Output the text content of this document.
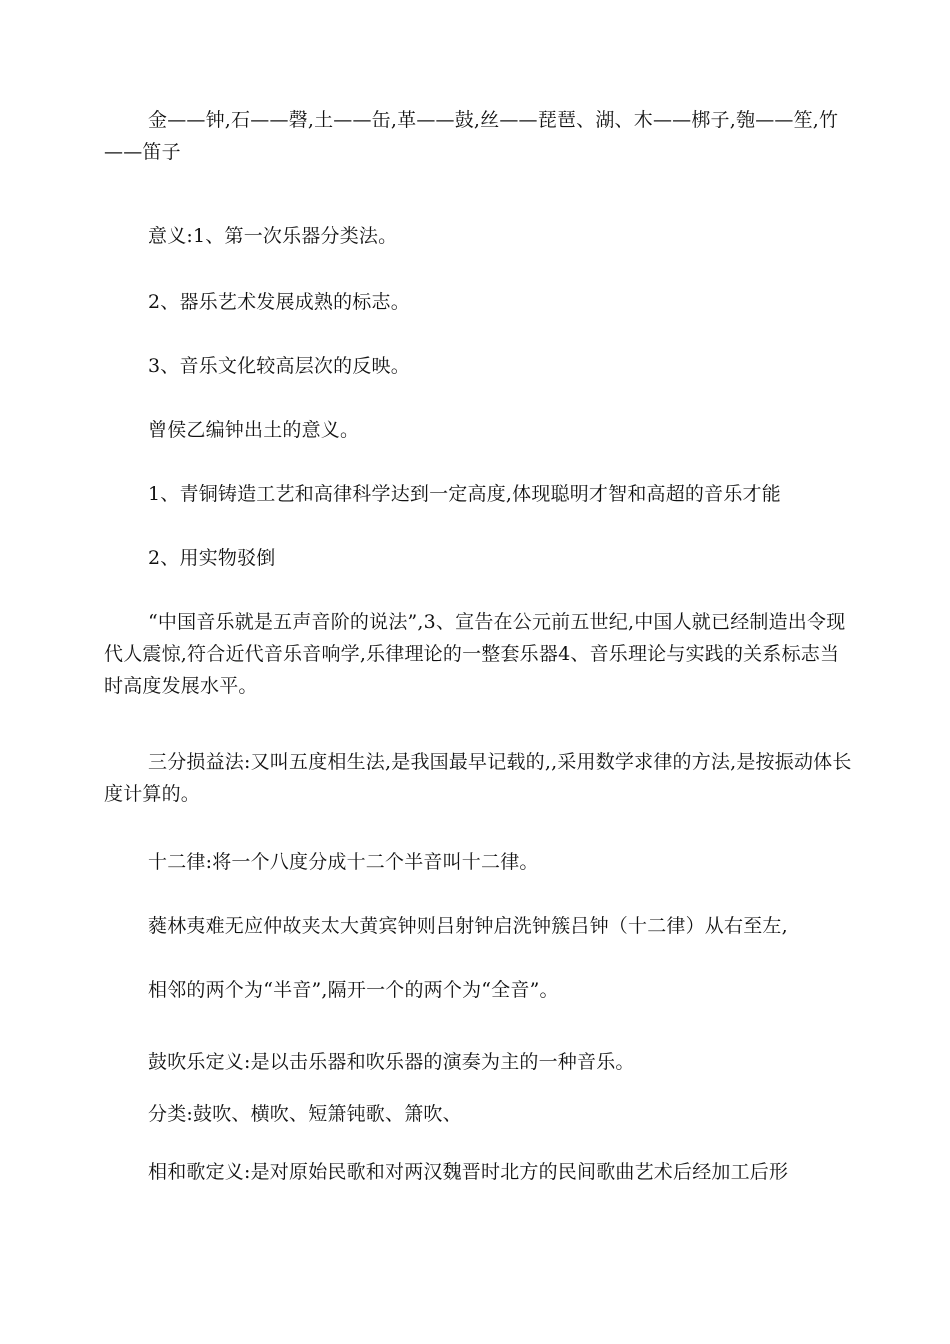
金——钟,石——磬,土——缶,革——鼓,丝——琵琶、湖、木——梆子,匏——笙,竹——笛子

意义:1、第一次乐器分类法。

2、器乐艺术发展成熟的标志。

3、音乐文化较高层次的反映。

曾侯乙编钟出土的意义。

1、青铜铸造工艺和高律科学达到一定高度,体现聪明才智和高超的音乐才能

2、用实物驳倒

“中国音乐就是五声音阶的说法”,3、宣告在公元前五世纪,中国人就已经制造出令现代人震惊,符合近代音乐音响学,乐律理论的一整套乐器4、音乐理论与实践的关系标志当时高度发展水平。

三分损益法:又叫五度相生法,是我国最早记载的,,采用数学求律的方法,是按振动体长度计算的。

十二律:将一个八度分成十二个半音叫十二律。

蕤林夷难无应仲故夹太大黄宾钟则吕射钟启洗钟簇吕钟（十二律）从右至左,

相邻的两个为“半音”,隔开一个的两个为“全音”。

鼓吹乐定义:是以击乐器和吹乐器的演奏为主的一种音乐。

分类:鼓吹、横吹、短箫钝歌、箫吹、

相和歌定义:是对原始民歌和对两汉魏晋时北方的民间歌曲艺术后经加工后形
